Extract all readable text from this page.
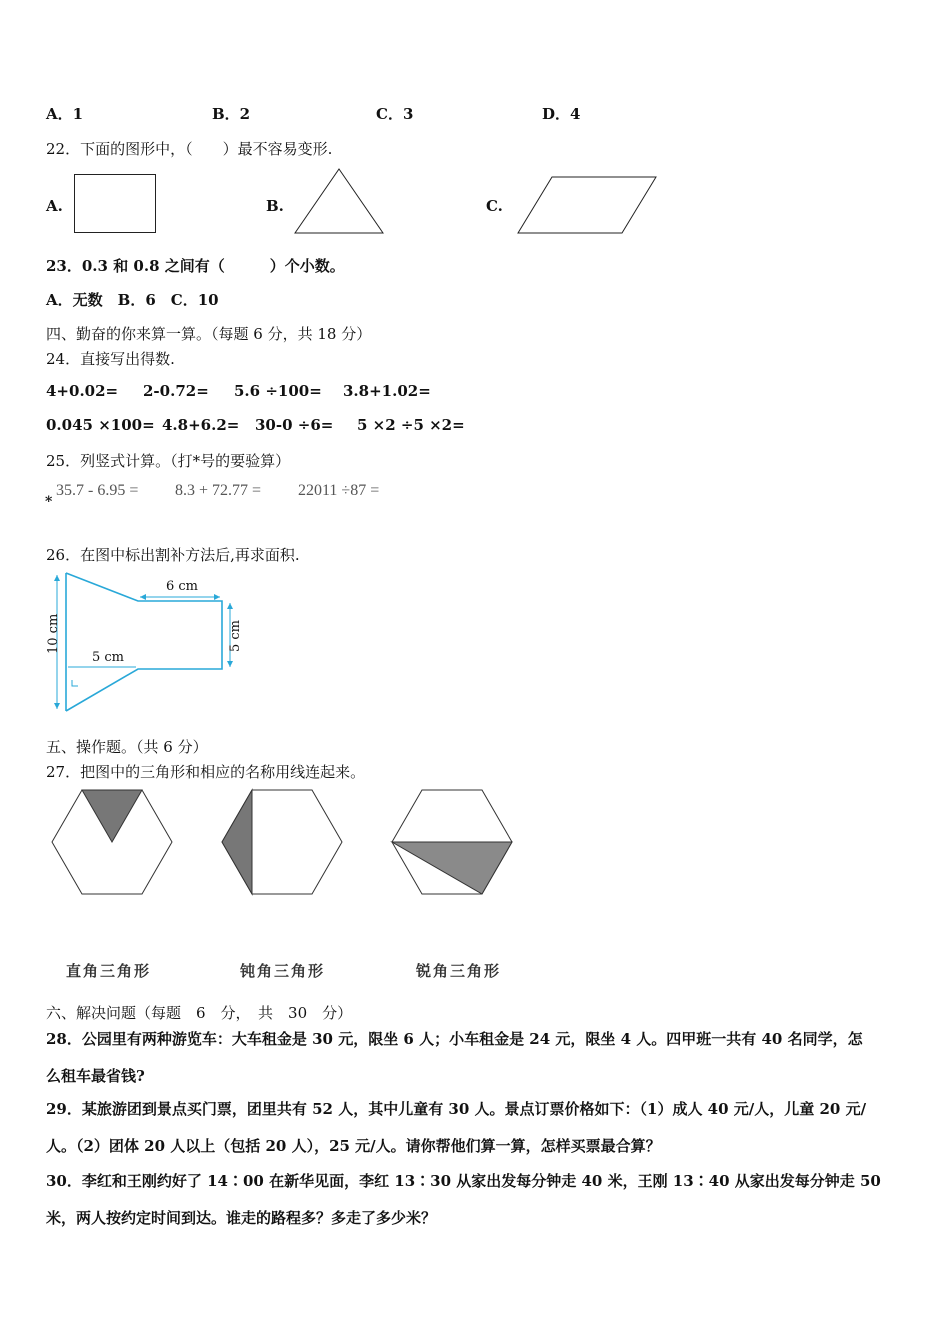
A．1	B．2	C．3	D．4
22．下面的图形中，（　　）最不容易变形.
A.	B.	C.
23．0.3 和 0.8 之间有（　　　）个小数。
A．无数　B．6　C．10
四、勤奋的你来算一算。（每题 6 分，共 18 分）
24．直接写出得数.
4+0.02= 2-0.72= 5.6 ÷100= 3.8+1.02=
0.045 ×100= 4.8+6.2= 30-0 ÷6= 5 ×2 ÷5 ×2=
25．列竖式计算。（打*号的要验算）
*
35.7 - 6.95 = 8.3 + 72.77 = 22011 ÷87 =
26．在图中标出割补方法后,再求面积.
6 cm
5 cm
10 cm
5 cm
五、操作题。（共 6 分）
27．把图中的三角形和相应的名称用线连起来。
直角三角形	钝角三角形	锐角三角形
六、解决问题（每题　6　分，　共　30　分）
28．公园里有两种游览车：大车租金是 30 元，限坐 6 人；小车租金是 24 元，限坐 4 人。四甲班一共有 40 名同学，怎
么租车最省钱?
29．某旅游团到景点买门票，团里共有 52 人，其中儿童有 30 人。景点订票价格如下：（1）成人 40 元/人，儿童 20 元/
人。（2）团体 20 人以上（包括 20 人），25 元/人。请你帮他们算一算，怎样买票最合算？
30．李红和王刚约好了 14∶00 在新华见面，李红 13∶30 从家出发每分钟走 40 米，王刚 13∶40 从家出发每分钟走 50
米，两人按约定时间到达。谁走的路程多？多走了多少米？
